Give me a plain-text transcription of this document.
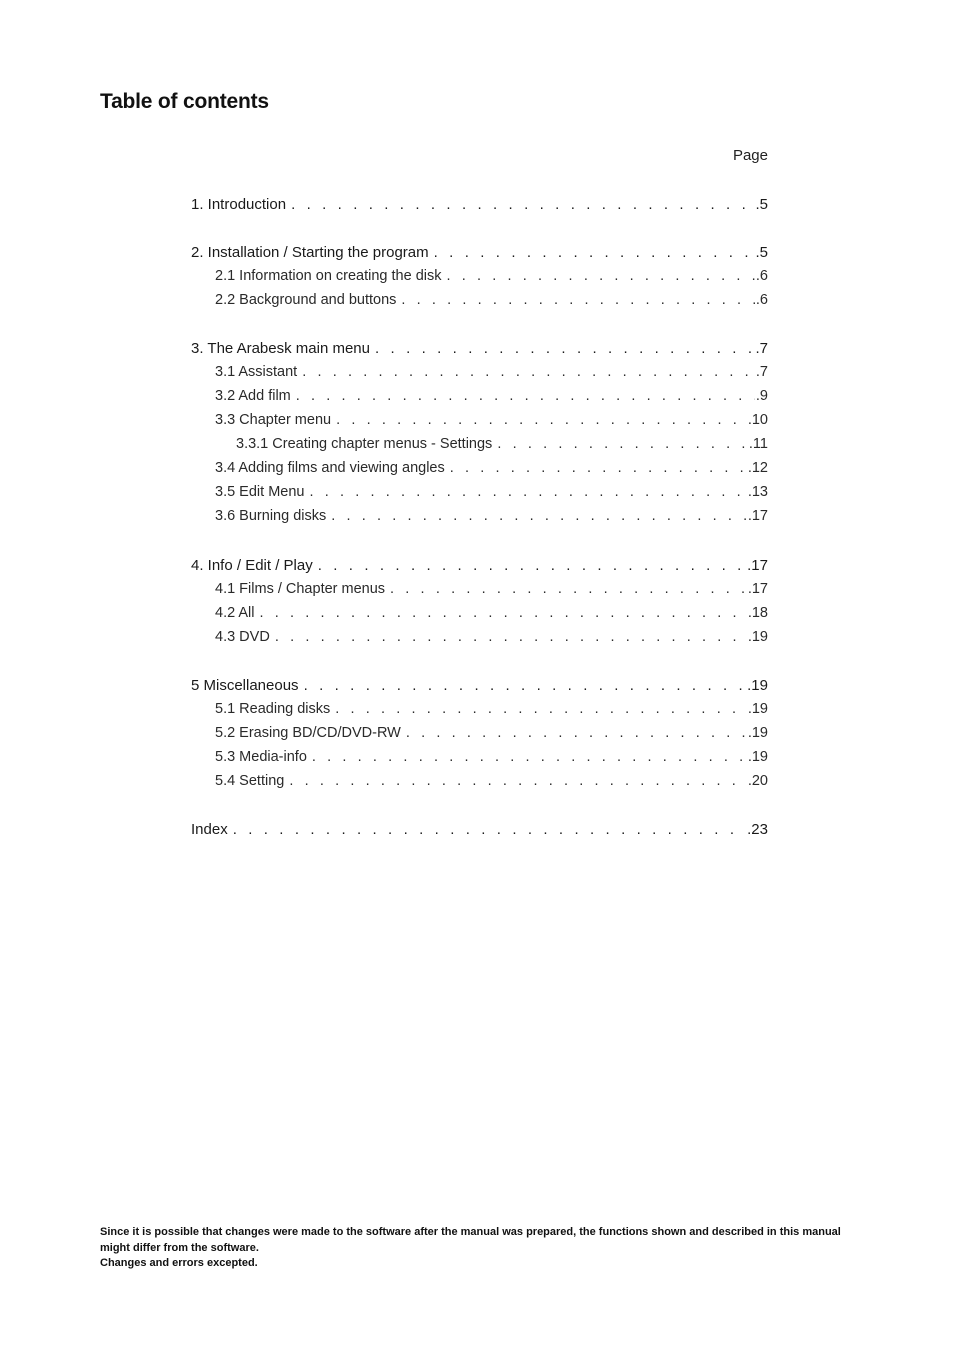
Table of contents
Page
1. Introduction . . .	.5
2. Installation / Starting the program . . .	.5
2.1 Information on creating the disk . . .	.6
2.2 Background and buttons . . .	.6
3. The Arabesk main menu . . .	.7
3.1 Assistant . . .	.7
3.2 Add film . . .	.9
3.3 Chapter menu . . .	.10
3.3.1 Creating chapter menus - Settings . . .	.11
3.4 Adding films and viewing angles . . .	.12
3.5 Edit Menu . . .	.13
3.6 Burning disks . . .	.17
4. Info / Edit / Play . . .	.17
4.1 Films / Chapter menus . . .	.17
4.2 All . . .	.18
4.3 DVD . . .	.19
5 Miscellaneous . . .	.19
5.1 Reading disks . . .	.19
5.2 Erasing BD/CD/DVD-RW . . .	.19
5.3 Media-info . . .	.19
5.4 Setting . . .	.20
Index . . .	.23

Since it is possible that changes were made to the software after the manual was prepared, the functions shown and described in this manual might differ from the software.

Changes and errors excepted.
